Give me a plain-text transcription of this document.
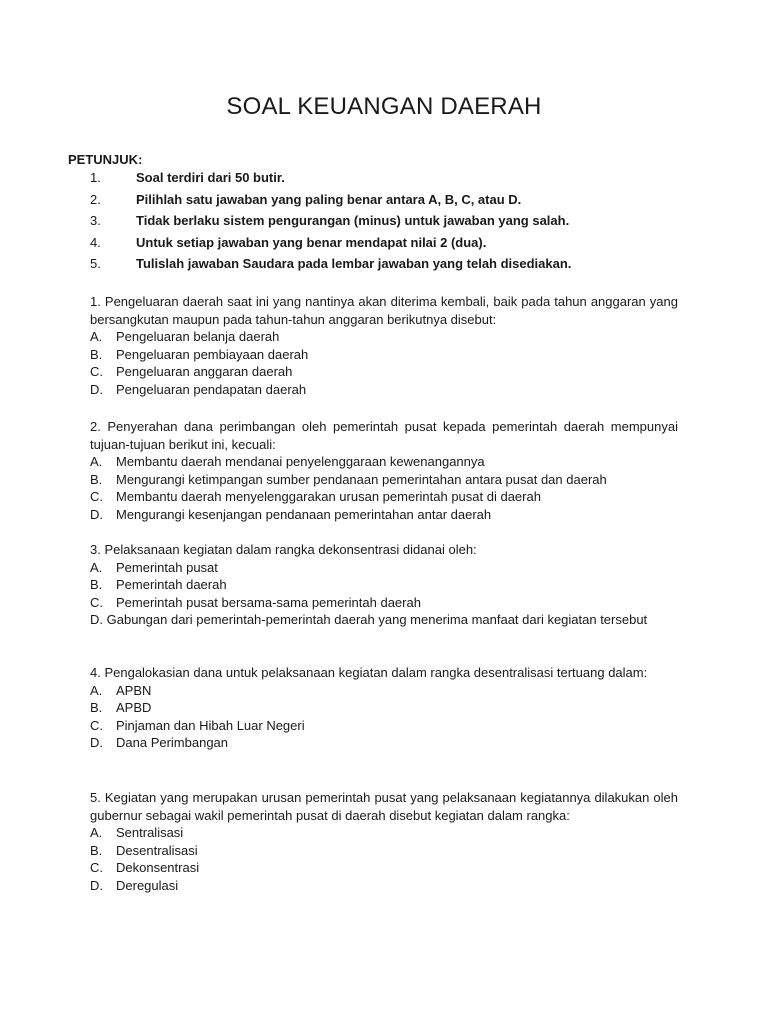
SOAL KEUANGAN DAERAH
PETUNJUK:
1.	Soal terdiri dari 50 butir.
2.	Pilihlah satu jawaban yang paling benar antara A, B, C, atau D.
3.	Tidak berlaku sistem pengurangan (minus) untuk jawaban yang salah.
4.	Untuk setiap jawaban yang benar mendapat nilai 2 (dua).
5.	Tulislah jawaban Saudara pada lembar jawaban yang telah disediakan.
1. Pengeluaran daerah saat ini yang nantinya akan diterima kembali, baik pada tahun anggaran yang bersangkutan maupun pada tahun-tahun anggaran berikutnya disebut:
A. Pengeluaran belanja daerah
B. Pengeluaran pembiayaan daerah
C. Pengeluaran anggaran daerah
D. Pengeluaran pendapatan daerah
2. Penyerahan dana perimbangan oleh pemerintah pusat kepada pemerintah daerah mempunyai tujuan-tujuan berikut ini, kecuali:
A. Membantu daerah mendanai penyelenggaraan kewenangannya
B. Mengurangi ketimpangan sumber pendanaan pemerintahan antara pusat dan daerah
C. Membantu daerah menyelenggarakan urusan pemerintah pusat di daerah
D. Mengurangi kesenjangan pendanaan pemerintahan antar daerah
3. Pelaksanaan kegiatan dalam rangka dekonsentrasi didanai oleh:
A. Pemerintah pusat
B. Pemerintah daerah
C. Pemerintah pusat bersama-sama pemerintah daerah
D. Gabungan dari pemerintah-pemerintah daerah yang menerima manfaat dari kegiatan tersebut
4. Pengalokasian dana untuk pelaksanaan kegiatan dalam rangka desentralisasi tertuang dalam:
A. APBN
B. APBD
C. Pinjaman dan Hibah Luar Negeri
D. Dana Perimbangan
5. Kegiatan yang merupakan urusan pemerintah pusat yang pelaksanaan kegiatannya dilakukan oleh gubernur sebagai wakil pemerintah pusat di daerah disebut kegiatan dalam rangka:
A. Sentralisasi
B. Desentralisasi
C. Dekonsentrasi
D. Deregulasi
